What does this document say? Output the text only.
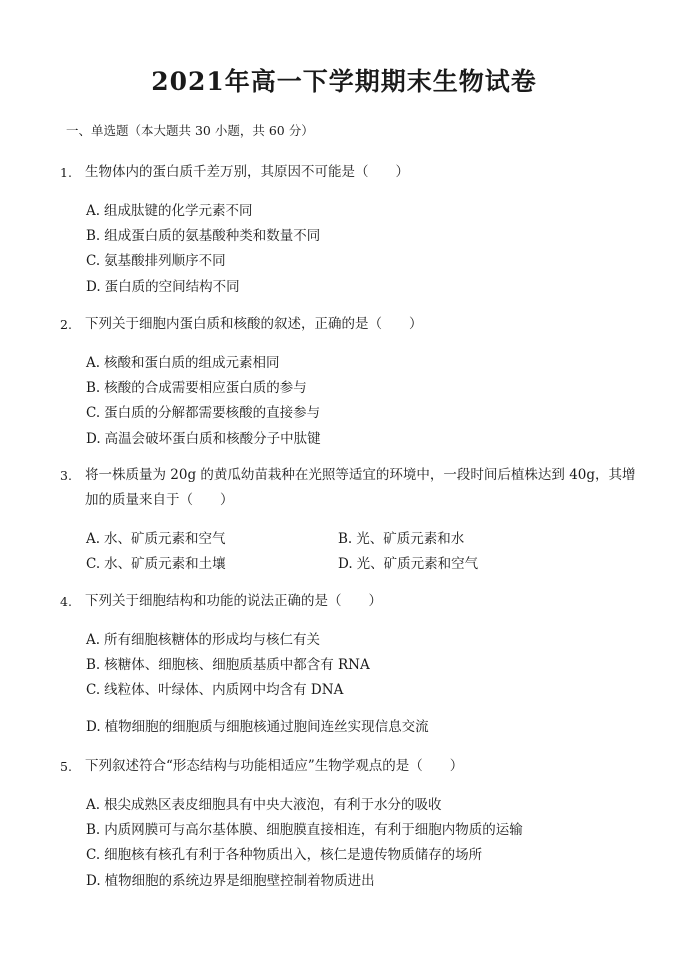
2021年高一下学期期末生物试卷

一、单选题（本大题共 30 小题，共 60 分）

1. 生物体内的蛋白质千差万别，其原因不可能是（　　）
A. 组成肽键的化学元素不同
B. 组成蛋白质的氨基酸种类和数量不同
C. 氨基酸排列顺序不同
D. 蛋白质的空间结构不同
2. 下列关于细胞内蛋白质和核酸的叙述，正确的是（　　）
A. 核酸和蛋白质的组成元素相同
B. 核酸的合成需要相应蛋白质的参与
C. 蛋白质的分解都需要核酸的直接参与
D. 高温会破坏蛋白质和核酸分子中肽键
3. 将一株质量为 20g 的黄瓜幼苗栽种在光照等适宜的环境中，一段时间后植株达到 40g，其增加的质量来自于（　　）
A. 水、矿质元素和空气	B. 光、矿质元素和水
C. 水、矿质元素和土壤	D. 光、矿质元素和空气
4. 下列关于细胞结构和功能的说法正确的是（　　）
A. 所有细胞核糖体的形成均与核仁有关
B. 核糖体、细胞核、细胞质基质中都含有 RNA
C. 线粒体、叶绿体、内质网中均含有 DNA
D. 植物细胞的细胞质与细胞核通过胞间连丝实现信息交流
5. 下列叙述符合“形态结构与功能相适应”生物学观点的是（　　）
A. 根尖成熟区表皮细胞具有中央大液泡，有利于水分的吸收
B. 内质网膜可与高尔基体膜、细胞膜直接相连，有利于细胞内物质的运输
C. 细胞核有核孔有利于各种物质出入，核仁是遗传物质储存的场所
D. 植物细胞的系统边界是细胞壁控制着物质进出
